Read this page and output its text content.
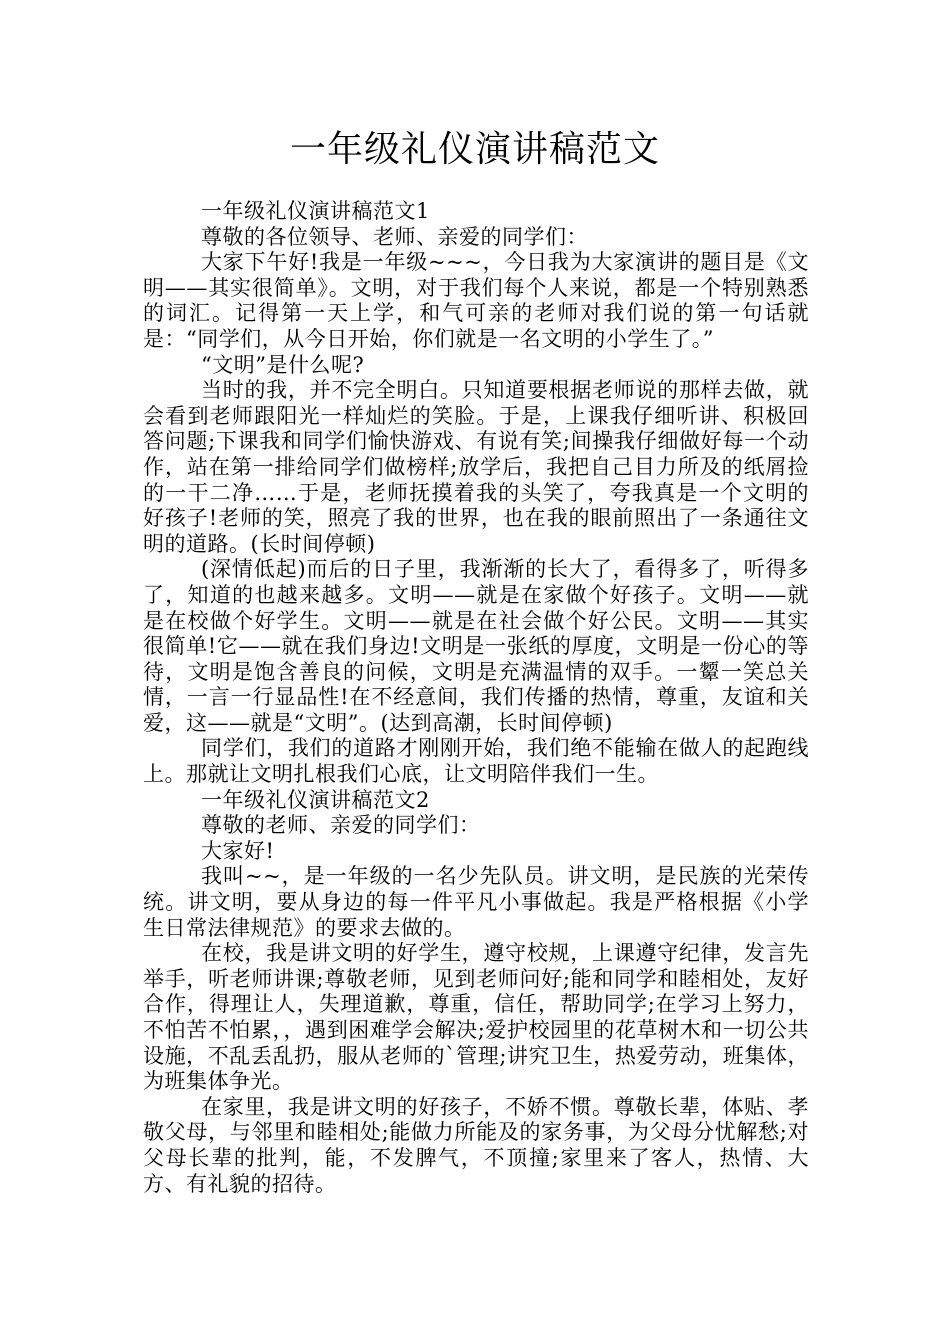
一年级礼仪演讲稿范文

一年级礼仪演讲稿范文1

尊敬的各位领导、老师、亲爱的同学们：

大家下午好!我是一年级~~~，今日我为大家演讲的题目是《文明——其实很简单》。文明，对于我们每个人来说，都是一个特别熟悉的词汇。记得第一天上学，和气可亲的老师对我们说的第一句话就是：“同学们，从今日开始，你们就是一名文明的小学生了。”

“文明”是什么呢?

当时的我，并不完全明白。只知道要根据老师说的那样去做，就会看到老师跟阳光一样灿烂的笑脸。于是，上课我仔细听讲、积极回答问题;下课我和同学们愉快游戏、有说有笑;间操我仔细做好每一个动作，站在第一排给同学们做榜样;放学后，我把自己目力所及的纸屑捡的一干二净……于是，老师抚摸着我的头笑了，夸我真是一个文明的好孩子!老师的笑，照亮了我的世界，也在我的眼前照出了一条通往文明的道路。(长时间停顿)

(深情低起)而后的日子里，我渐渐的长大了，看得多了，听得多了，知道的也越来越多。文明——就是在家做个好孩子。文明——就是在校做个好学生。文明——就是在社会做个好公民。文明——其实很简单!它——就在我们身边!文明是一张纸的厚度，文明是一份心的等待，文明是饱含善良的问候，文明是充满温情的双手。一颦一笑总关情，一言一行显品性!在不经意间，我们传播的热情，尊重，友谊和关爱，这——就是“文明”。(达到高潮，长时间停顿)

同学们，我们的道路才刚刚开始，我们绝不能输在做人的起跑线上。那就让文明扎根我们心底，让文明陪伴我们一生。

一年级礼仪演讲稿范文2

尊敬的老师、亲爱的同学们：

大家好!

我叫~~，是一年级的一名少先队员。讲文明，是民族的光荣传统。讲文明，要从身边的每一件平凡小事做起。我是严格根据《小学生日常法律规范》的要求去做的。

在校，我是讲文明的好学生，遵守校规，上课遵守纪律，发言先举手，听老师讲课;尊敬老师，见到老师问好;能和同学和睦相处，友好合作，得理让人，失理道歉，尊重，信任，帮助同学;在学习上努力，不怕苦不怕累，，遇到困难学会解决;爱护校园里的花草树木和一切公共设施，不乱丢乱扔，服从老师的`管理;讲究卫生，热爱劳动，班集体，为班集体争光。

在家里，我是讲文明的好孩子，不娇不惯。尊敬长辈，体贴、孝敬父母，与邻里和睦相处;能做力所能及的家务事，为父母分忧解愁;对父母长辈的批判，能，不发脾气，不顶撞;家里来了客人，热情、大方、有礼貌的招待。
